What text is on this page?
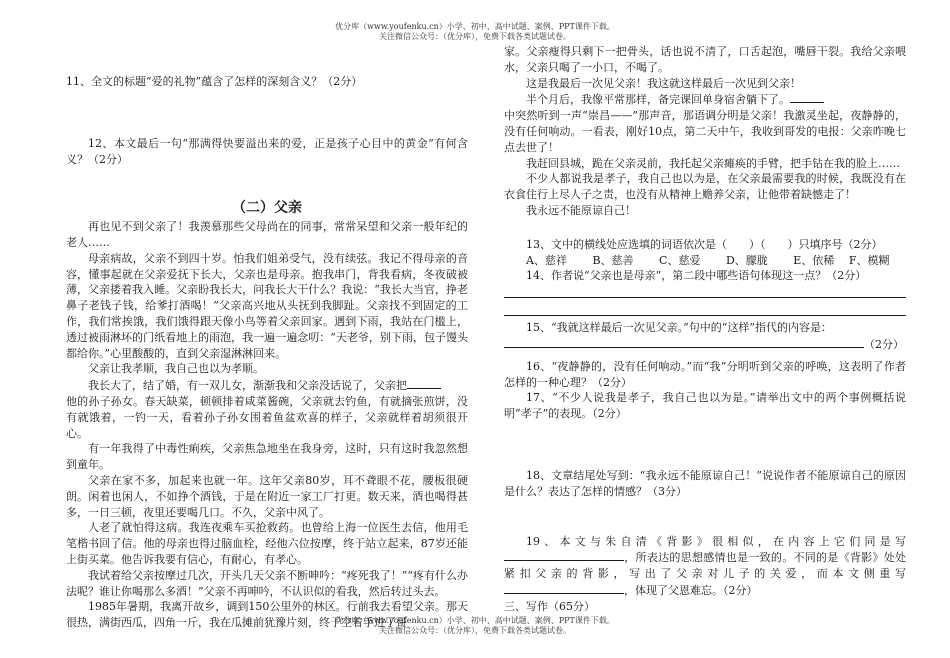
优分库（www.youfenku.cn）小学、初中、高中试题、案例、PPT课件下载。
关注微信公众号：（优分库），免费下载各类试题试卷。

11、全文的标题“爱的礼物”蕴含了怎样的深刻含义？（2分）

12、本文最后一句“那满得快要溢出来的爱，正是孩子心目中的黄金”有何含义？（2分）

（二）父亲

再也见不到父亲了！我羡慕那些父母尚在的同事，常常呆望和父亲一般年纪的老人……

母亲病故，父亲不到四十岁。怕我们姐弟受气，没有续弦。我记不得母亲的音容，懂事起就在父亲爱抚下长大，父亲也是母亲。抱我串门，背我看病，冬夜破被薄，父亲搂着我入睡。父亲盼我长大，问我长大干什么？我说：“我长大当官，挣老鼻子老钱子钱，给爹打酒喝！”父亲高兴地从头抚到我脚趾。父亲找不到固定的工作，我们常挨饿，我们饿得跟天像小鸟等着父亲回家。遇到下雨，我站在门槛上，透过被雨淋坏的门纸看地上的雨泡，我一遍一遍念叨：“天老爷，别下雨，包子馒头都给你。”心里酸酸的，直到父亲湿淋淋回来。

父亲让我孝顺，我自己也以为孝顺。

我长大了，结了婚，有一双儿女，渐渐我和父亲没话说了，父亲把

他的孙子孙女。春天缺菜，顿顿排着咸菜酱碗，父亲就去钓鱼，有就摘张煎饼，没有就饿着，一钓一天，看着孙子孙女围着鱼盆欢喜的样子，父亲就样着胡须很开心。

有一年我得了中毒性痢疾，父亲焦急地坐在我身旁，这时，只有这时我忽然想到童年。

父亲在家不多，加起来也就一年。这年父亲80岁，耳不聋眼不花，腰板很硬朗。闲着也闲人，不如挣个酒钱，于是在附近一家工厂打更。数天来，酒也喝得甚多，一日三顿，夜里还要喝几口。不久，父亲中风了。

人老了就怕得这病。我连夜乘车买抢救药。也曾给上海一位医生去信，他用毛笔楷书回了信。他的母亲也得过脑血栓，经他六位按摩，终于站立起来，87岁还能上街买菜。他告诉我要有信心，有耐心，有孝心。

我试着给父亲按摩过几次，开头几天父亲不断呻吟：“疼死我了！”“疼有什么办法呢？谁让你喝那么多酒！”父亲不再呻吟，不认识似的看我，然后转过头去。

1985年暑期，我离开故乡，调到150公里外的林区。行前我去看望父亲。那天很热，满街西瓜，四角一斤，我在瓜摊前犹豫片刻，终于空着手进了哥

家。父亲瘦得只剩下一把骨头，话也说不清了，口舌起泡，嘴唇干裂。我给父亲喂水，父亲只喝了一小口，不喝了。

这是我最后一次见父亲！我这就这样最后一次见到父亲！

半个月后，我像平常那样，备完课回单身宿舍躺下了。

中突然听到一声“崇昌——”那声音，那语调分明是父亲！我激灵坐起，夜静静的，没有任何响动。一看表，刚好10点，第二天中午，我收到哥发的电报：父亲昨晚七点去世了！

我赶回县城，跪在父亲灵前，我托起父亲瘫痪的手臂，把手钻在我的脸上……

不少人都说我是孝子，我自己也以为是，在父亲最需要我的时候，我既没有在衣食住行上尽人子之责，也没有从精神上赡养父亲，让他带着缺憾走了！

我永远不能原谅自己！

13、文中的横线处应选填的词语依次是（　　）（　　）只填序号（2分）

A、慈祥   B、慈善   C、慈爱   D、朦胧   E、依稀  F、模糊

14、作者说“父亲也是母亲”，第二段中哪些语句体现这一点？（2分）

15、“我就这样最后一次见父亲。”句中的“这样”指代的内容是：

（2分）

16、“夜静静的，没有任何响动。”而“我”分明听到父亲的呼唤，这表明了作者怎样的一种心理？（2分）

17、“不少人说我是孝子，我自己也以为是。”请举出文中的两个事例概括说明“孝子”的表现。（2分）

18、文章结尾处写到：“我永远不能原谅自己！”说说作者不能原谅自己的原因是什么？表达了怎样的情感？（3分）

19、本文与朱自清《背影》很相似，在内容上它们同是写，所表达的思想感情也是一致的。不同的是《背影》处处紧扣父亲的背影，写出了父亲对儿子的关爱，而本文侧重写，体现了父恩难忘。（2分）

三、写作（65分）

优分库（www.youfenku.cn）小学、初中、高中试题、案例、PPT课件下载。
关注微信公众号：（优分库），免费下载各类试题试卷。
